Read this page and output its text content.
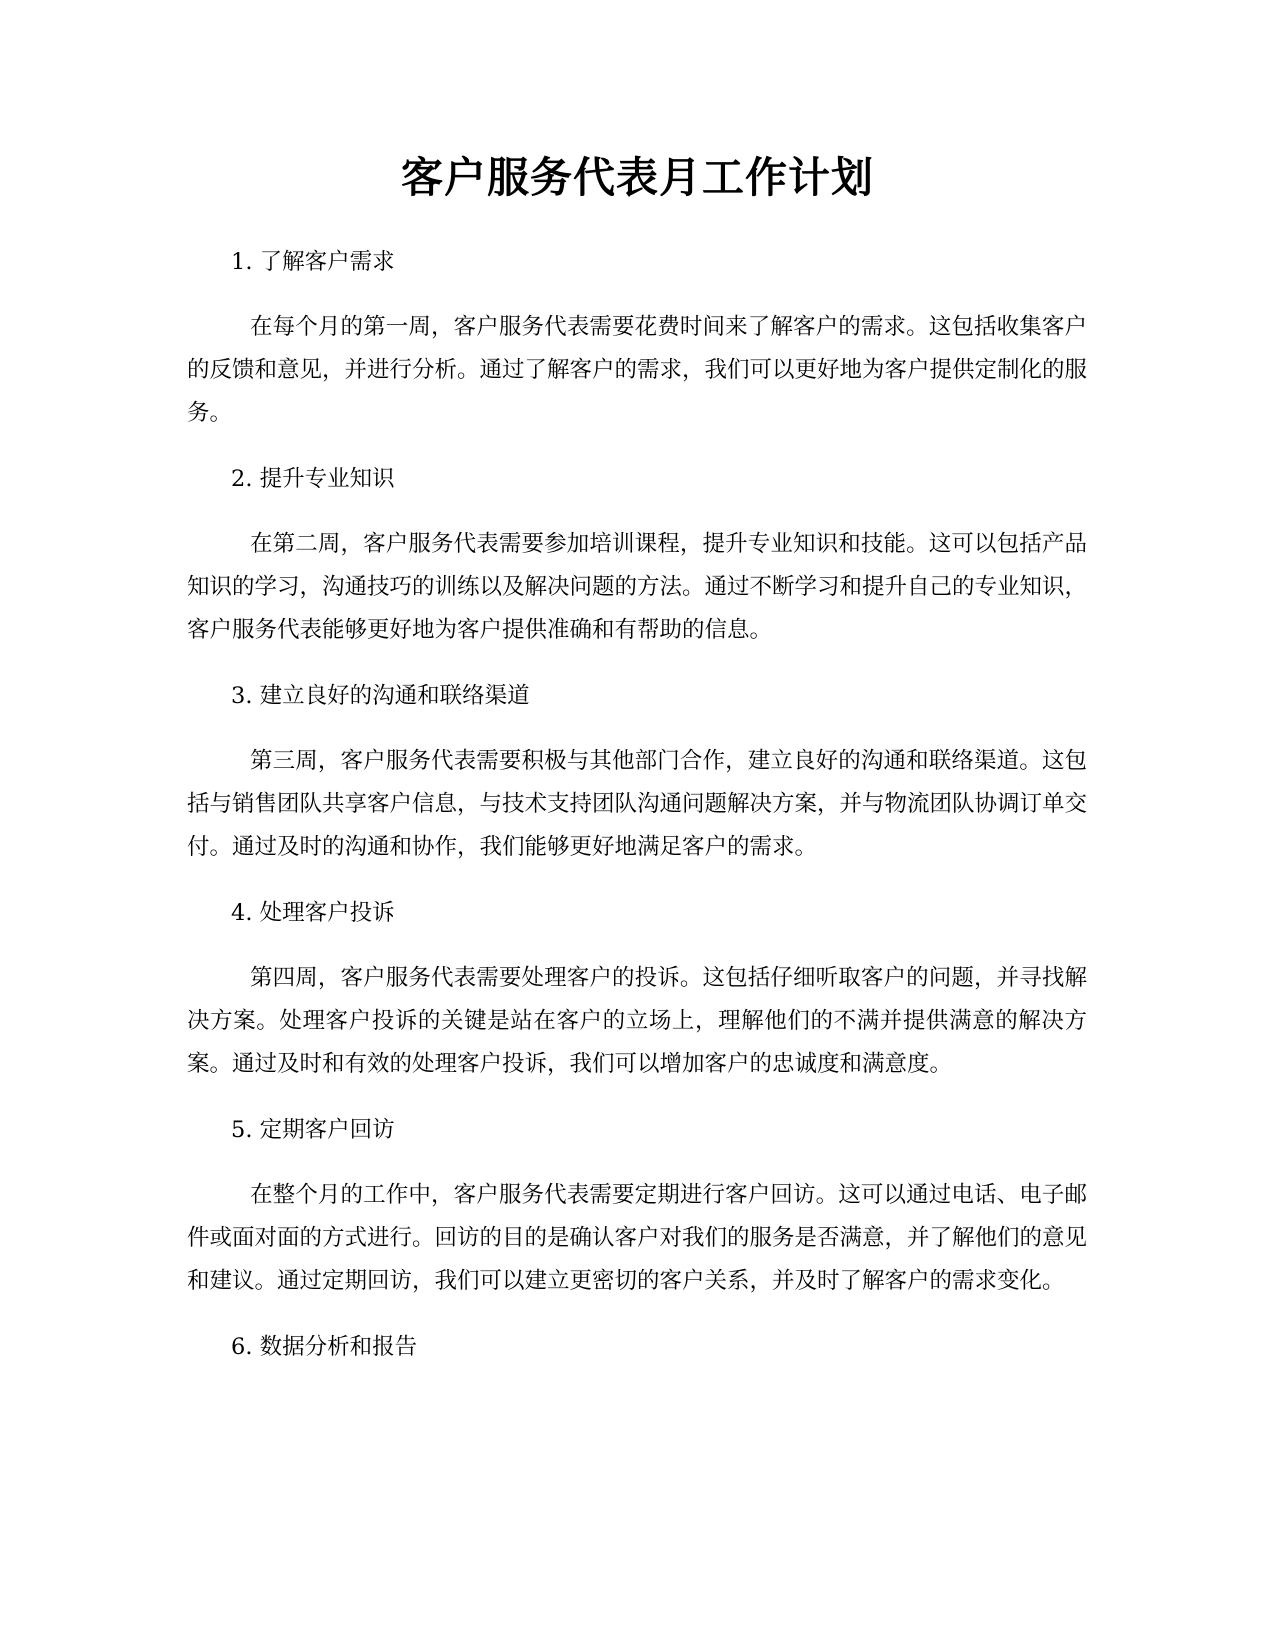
客户服务代表月工作计划

1. 了解客户需求

在每个月的第一周，客户服务代表需要花费时间来了解客户的需求。这包括收集客户的反馈和意见，并进行分析。通过了解客户的需求，我们可以更好地为客户提供定制化的服务。

2. 提升专业知识

在第二周，客户服务代表需要参加培训课程，提升专业知识和技能。这可以包括产品知识的学习，沟通技巧的训练以及解决问题的方法。通过不断学习和提升自己的专业知识，客户服务代表能够更好地为客户提供准确和有帮助的信息。

3. 建立良好的沟通和联络渠道

第三周，客户服务代表需要积极与其他部门合作，建立良好的沟通和联络渠道。这包括与销售团队共享客户信息，与技术支持团队沟通问题解决方案，并与物流团队协调订单交付。通过及时的沟通和协作，我们能够更好地满足客户的需求。

4. 处理客户投诉

第四周，客户服务代表需要处理客户的投诉。这包括仔细听取客户的问题，并寻找解决方案。处理客户投诉的关键是站在客户的立场上，理解他们的不满并提供满意的解决方案。通过及时和有效的处理客户投诉，我们可以增加客户的忠诚度和满意度。

5. 定期客户回访

在整个月的工作中，客户服务代表需要定期进行客户回访。这可以通过电话、电子邮件或面对面的方式进行。回访的目的是确认客户对我们的服务是否满意，并了解他们的意见和建议。通过定期回访，我们可以建立更密切的客户关系，并及时了解客户的需求变化。

6. 数据分析和报告
